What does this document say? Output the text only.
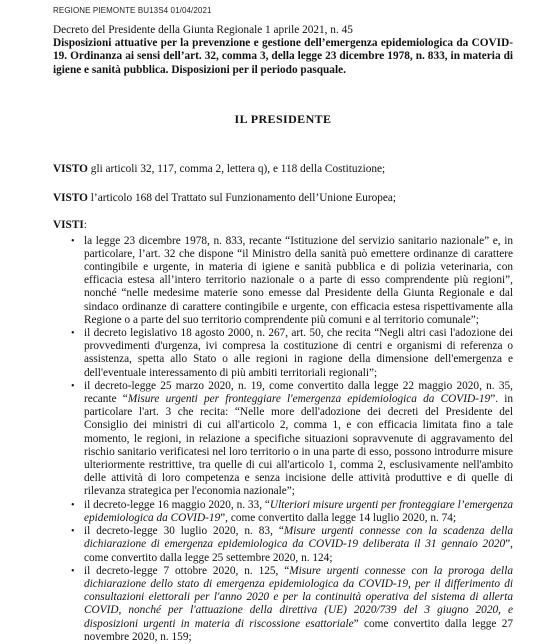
REGIONE PIEMONTE BU13S4 01/04/2021

Decreto del Presidente della Giunta Regionale 1 aprile 2021, n. 45

Disposizioni attuative per la prevenzione e gestione dell’emergenza epidemiologica da COVID-19. Ordinanza ai sensi dell’art. 32, comma 3, della legge 23 dicembre 1978, n. 833, in materia di igiene e sanità pubblica. Disposizioni per il periodo pasquale.

IL PRESIDENTE

VISTO gli articoli 32, 117, comma 2, lettera q), e 118 della Costituzione;

VISTO l’articolo 168 del Trattato sul Funzionamento dell’Unione Europea;

VISTI:

• la legge 23 dicembre 1978, n. 833, recante “Istituzione del servizio sanitario nazionale” e, in particolare, l’art. 32 che dispone “il Ministro della sanità può emettere ordinanze di carattere contingibile e urgente, in materia di igiene e sanità pubblica e di polizia veterinaria, con efficacia estesa all’intero territorio nazionale o a parte di esso comprendente più regioni”, nonché “nelle medesime materie sono emesse dal Presidente della Giunta Regionale e dal sindaco ordinanze di carattere contingibile e urgente, con efficacia estesa rispettivamente alla Regione o a parte del suo territorio comprendente più comuni e al territorio comunale”;
• il decreto legislativo 18 agosto 2000, n. 267, art. 50, che recita “Negli altri casi l'adozione dei provvedimenti d'urgenza, ivi compresa la costituzione di centri e organismi di referenza o assistenza, spetta allo Stato o alle regioni in ragione della dimensione dell'emergenza e dell'eventuale interessamento di più ambiti territoriali regionali”;
• il decreto-legge 25 marzo 2020, n. 19, come convertito dalla legge 22 maggio 2020, n. 35, recante “Misure urgenti per fronteggiare l'emergenza epidemiologica da COVID-19”. in particolare l'art. 3 che recita: “Nelle more dell'adozione dei decreti del Presidente del Consiglio dei ministri di cui all'articolo 2, comma 1, e con efficacia limitata fino a tale momento, le regioni, in relazione a specifiche situazioni sopravvenute di aggravamento del rischio sanitario verificatesi nel loro territorio o in una parte di esso, possono introdurre misure ulteriormente restrittive, tra quelle di cui all'articolo 1, comma 2, esclusivamente nell'ambito delle attività di loro competenza e senza incisione delle attività produttive e di quelle di rilevanza strategica per l'economia nazionale”;
• il decreto-legge 16 maggio 2020, n. 33, “Ulteriori misure urgenti per fronteggiare l’emergenza epidemiologica da COVID-19”, come convertito dalla legge 14 luglio 2020, n. 74;
• il decreto-legge 30 luglio 2020, n. 83, “Misure urgenti connesse con la scadenza della dichiarazione di emergenza epidemiologica da COVID-19 deliberata il 31 gennaio 2020”, come convertito dalla legge 25 settembre 2020, n. 124;
• il decreto-legge 7 ottobre 2020, n. 125, “Misure urgenti connesse con la proroga della dichiarazione dello stato di emergenza epidemiologica da COVID-19, per il differimento di consultazioni elettorali per l'anno 2020 e per la continuità operativa del sistema di allerta COVID, nonché per l'attuazione della direttiva (UE) 2020/739 del 3 giugno 2020, e disposizioni urgenti in materia di riscossione esattoriale” come convertito dalla legge 27 novembre 2020, n. 159;
